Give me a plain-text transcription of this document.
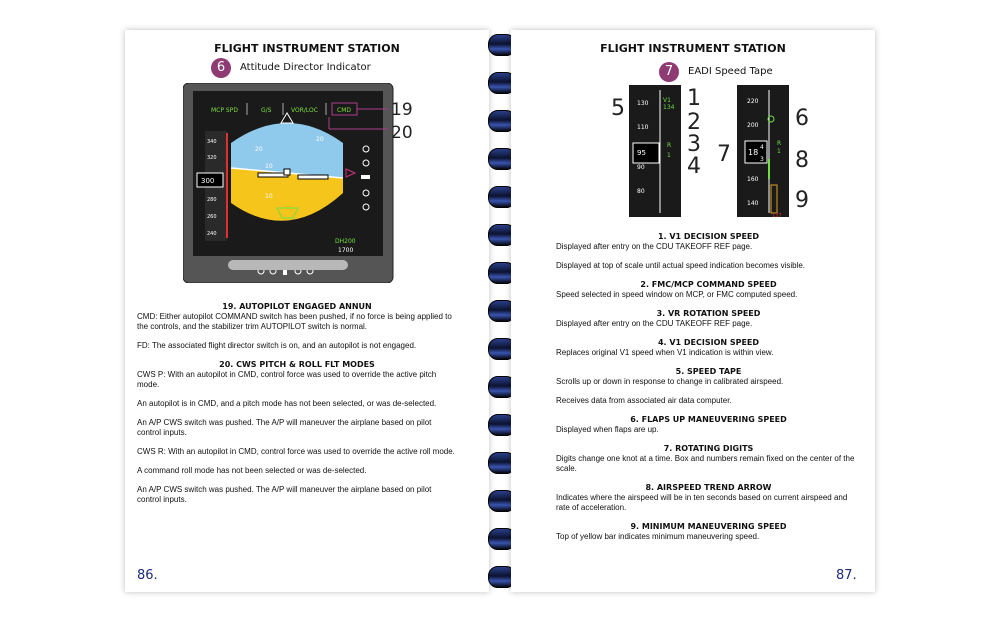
FLIGHT INSTRUMENT STATION
6	Attitude Director Indicator
MCP SPD	G/S	VOR/LOC	CMD
20
10
10
20
340
320
280
260
240
300
DH200
1700
19
20
19. AUTOPILOT ENGAGED ANNUN
CMD: Either autopilot COMMAND switch has been pushed, if no force is being applied to the controls, and the stabilizer trim AUTOPILOT switch is normal.
FD: The associated flight director switch is on, and an autopilot is not engaged.
20. CWS PITCH & ROLL FLT MODES
CWS P: With an autopilot in CMD, control force was used to override the active pitch mode.
An autopilot is in CMD, and a pitch mode has not been selected, or was de-selected.
An A/P CWS switch was pushed. The A/P will maneuver the airplane based on pilot control inputs.
CWS R: With an autopilot in CMD, control force was used to override the active roll mode.
A command roll mode has not been selected or was de-selected.
An A/P CWS switch was pushed. The A/P will maneuver the airplane based on pilot control inputs.
86.
FLIGHT INSTRUMENT STATION
7	EADI Speed Tape
130
110
95
90
80
V1
134
R
1
5	1
2
3
4
220
200
18
4
3
160
140
R
1
137
6
7	8
9
1. V1 DECISION SPEED
Displayed after entry on the CDU TAKEOFF REF page.
Displayed at top of scale until actual speed indication becomes visible.
2. FMC/MCP COMMAND SPEED
Speed selected in speed window on MCP, or FMC computed speed.
3. VR ROTATION SPEED
Displayed after entry on the CDU TAKEOFF REF page.
4. V1 DECISION SPEED
Replaces original V1 speed when V1 indication is within view.
5. SPEED TAPE
Scrolls up or down in response to change in calibrated airspeed.
Receives data from associated air data computer.
6. FLAPS UP MANEUVERING SPEED
Displayed when flaps are up.
7. ROTATING DIGITS
Digits change one knot at a time. Box and numbers remain fixed on the center of the scale.
8. AIRSPEED TREND ARROW
Indicates where the airspeed will be in ten seconds based on current airspeed and rate of acceleration.
9. MINIMUM MANEUVERING SPEED
Top of yellow bar indicates minimum maneuvering speed.
87.
